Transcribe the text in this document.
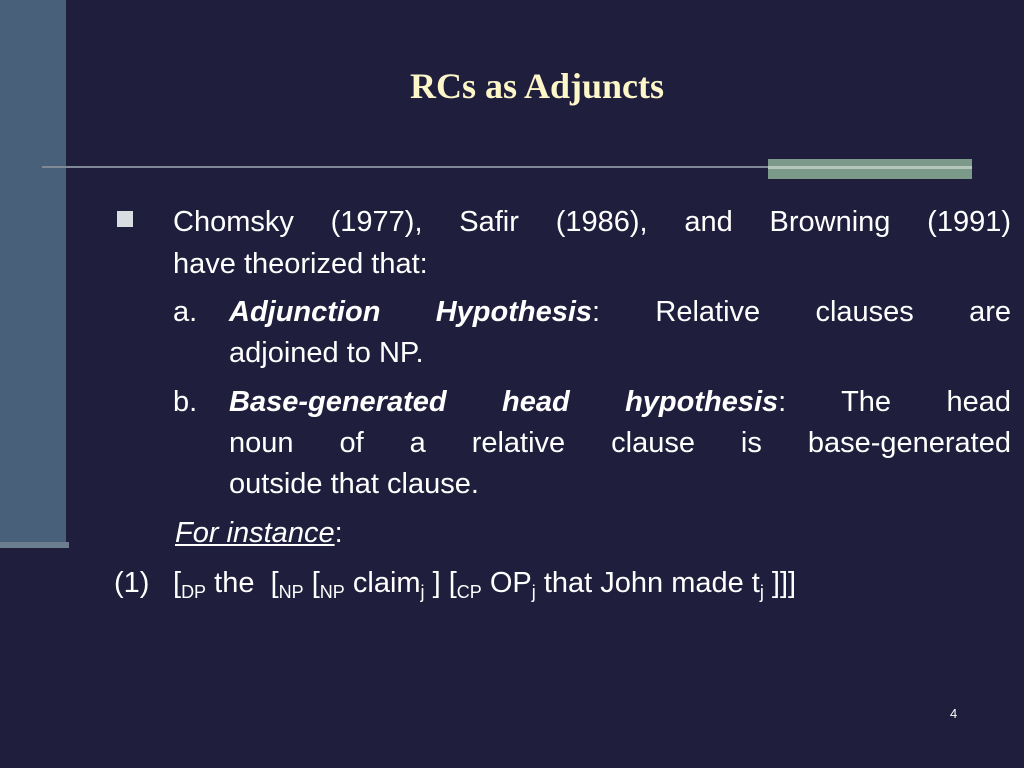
RCs as Adjuncts
Chomsky (1977), Safir (1986), and Browning (1991)
have theorized that:
a. Adjunction Hypothesis: Relative clauses are
adjoined to NP.
b. Base-generated head hypothesis: The head
noun of a relative clause is base-generated
outside that clause.
For instance:
(1) [$_{DP}$ the [$_{NP}$ [$_{NP}$ claim$_j$ ] [$_{CP}$ $OP_j$ that John made $t_j$ ]]]
4
